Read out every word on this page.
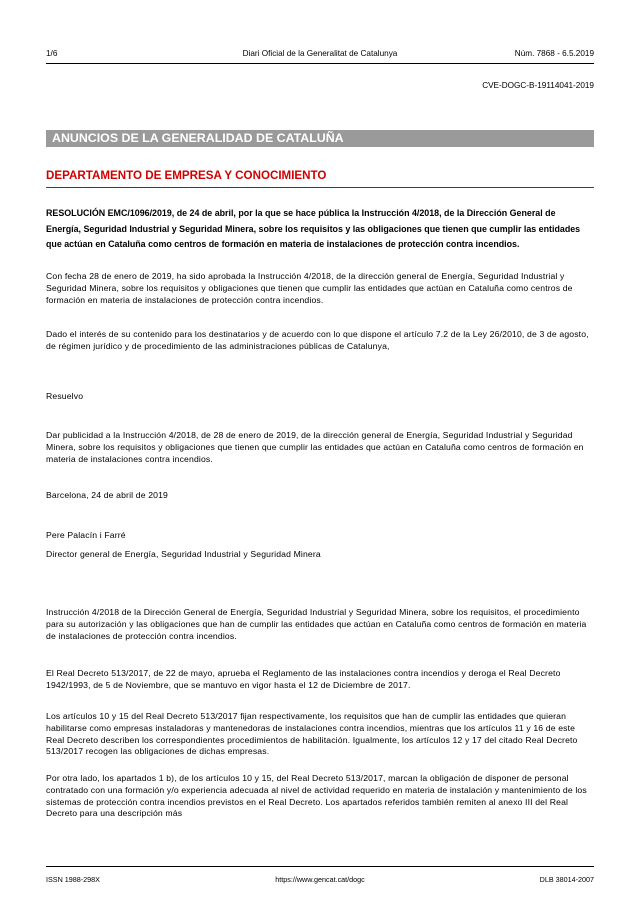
1/6	Diari Oficial de la Generalitat de Catalunya	Núm. 7868 - 6.5.2019
CVE-DOGC-B-19114041-2019
ANUNCIOS DE LA GENERALIDAD DE CATALUÑA
DEPARTAMENTO DE EMPRESA Y CONOCIMIENTO
RESOLUCIÓN EMC/1096/2019, de 24 de abril, por la que se hace pública la Instrucción 4/2018, de la Dirección General de Energía, Seguridad Industrial y Seguridad Minera, sobre los requisitos y las obligaciones que tienen que cumplir las entidades que actúan en Cataluña como centros de formación en materia de instalaciones de protección contra incendios.
Con fecha 28 de enero de 2019, ha sido aprobada la Instrucción 4/2018, de la dirección general de Energía, Seguridad Industrial y Seguridad Minera, sobre los requisitos y obligaciones que tienen que cumplir las entidades que actúan en Cataluña como centros de formación en materia de instalaciones de protección contra incendios.
Dado el interés de su contenido para los destinatarios y de acuerdo con lo que dispone el artículo 7.2 de la Ley 26/2010, de 3 de agosto, de régimen jurídico y de procedimiento de las administraciones públicas de Catalunya,
Resuelvo
Dar publicidad a la Instrucción 4/2018, de 28 de enero de 2019, de la dirección general de Energía, Seguridad Industrial y Seguridad Minera, sobre los requisitos y obligaciones que tienen que cumplir las entidades que actúan en Cataluña como centros de formación en materia de instalaciones contra incendios.
Barcelona, 24 de abril de 2019
Pere Palacín i Farré
Director general de Energía, Seguridad Industrial y Seguridad Minera
Instrucción 4/2018 de la Dirección General de Energía, Seguridad Industrial y Seguridad Minera, sobre los requisitos, el procedimiento para su autorización y las obligaciones que han de cumplir las entidades que actúan en Cataluña como centros de formación en materia de instalaciones de protección contra incendios.
El Real Decreto 513/2017, de 22 de mayo, aprueba el Reglamento de las instalaciones contra incendios y deroga el Real Decreto 1942/1993, de 5 de Noviembre, que se mantuvo en vigor hasta el 12 de Diciembre de 2017.
Los artículos 10 y 15 del Real Decreto 513/2017 fijan respectivamente, los requisitos que han de cumplir las entidades que quieran habilitarse como empresas instaladoras y mantenedoras de instalaciones contra incendios, mientras que los artículos 11 y 16 de este Real Decreto describen los correspondientes procedimientos de habilitación. Igualmente, los artículos 12 y 17 del citado Real Decreto 513/2017 recogen las obligaciones de dichas empresas.
Por otra lado, los apartados 1 b), de los artículos 10 y 15, del Real Decreto 513/2017, marcan la obligación de disponer de personal contratado con una formación y/o experiencia adecuada al nivel de actividad requerido en materia de instalación y mantenimiento de los sistemas de protección contra incendios previstos en el Real Decreto. Los apartados referidos también remiten al anexo III del Real Decreto para una descripción más
ISSN 1988-298X	https://www.gencat.cat/dogc	DLB 38014-2007
